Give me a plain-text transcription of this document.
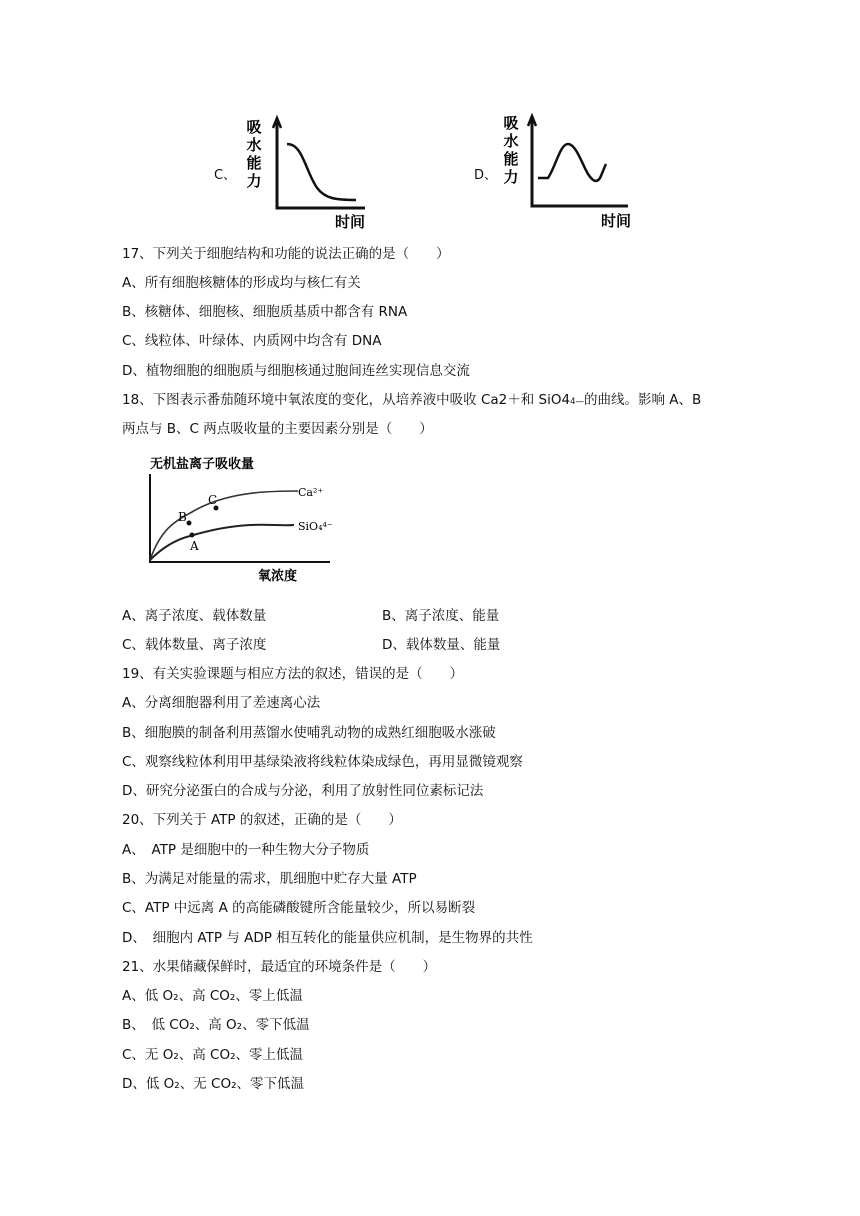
C、
吸
水
能
力
时间
D、
吸
水
能
力
时间
17、下列关于细胞结构和功能的说法正确的是（　　）
A、所有细胞核糖体的形成均与核仁有关
B、核糖体、细胞核、细胞质基质中都含有 RNA
C、线粒体、叶绿体、内质网中均含有 DNA
D、植物细胞的细胞质与细胞核通过胞间连丝实现信息交流
18、下图表示番茄随环境中氧浓度的变化，从培养液中吸收 Ca2＋和 SiO44—的曲线。影响 A、B
两点与 B、C 两点吸收量的主要因素分别是（　　）
无机盐离子吸收量
Ca²⁺
SiO₄⁴⁻
B
C
A
氧浓度
A、离子浓度、载体数量	B、离子浓度、能量
C、载体数量、离子浓度	D、载体数量、能量
19、有关实验课题与相应方法的叙述，错误的是（　　）
A、分离细胞器利用了差速离心法
B、细胞膜的制备利用蒸馏水使哺乳动物的成熟红细胞吸水涨破
C、观察线粒体利用甲基绿染液将线粒体染成绿色，再用显微镜观察
D、研究分泌蛋白的合成与分泌，利用了放射性同位素标记法
20、下列关于 ATP 的叙述，正确的是（　　）
A、　ATP 是细胞中的一种生物大分子物质
B、为满足对能量的需求，肌细胞中贮存大量 ATP
C、ATP 中远离 A 的高能磷酸键所含能量较少，所以易断裂
D、　细胞内 ATP 与 ADP 相互转化的能量供应机制，是生物界的共性
21、水果储藏保鲜时，最适宜的环境条件是（　　）
A、低 O₂、高 CO₂、零上低温
B、　低 CO₂、高 O₂、零下低温
C、无 O₂、高 CO₂、零上低温
D、低 O₂、无 CO₂、零下低温
